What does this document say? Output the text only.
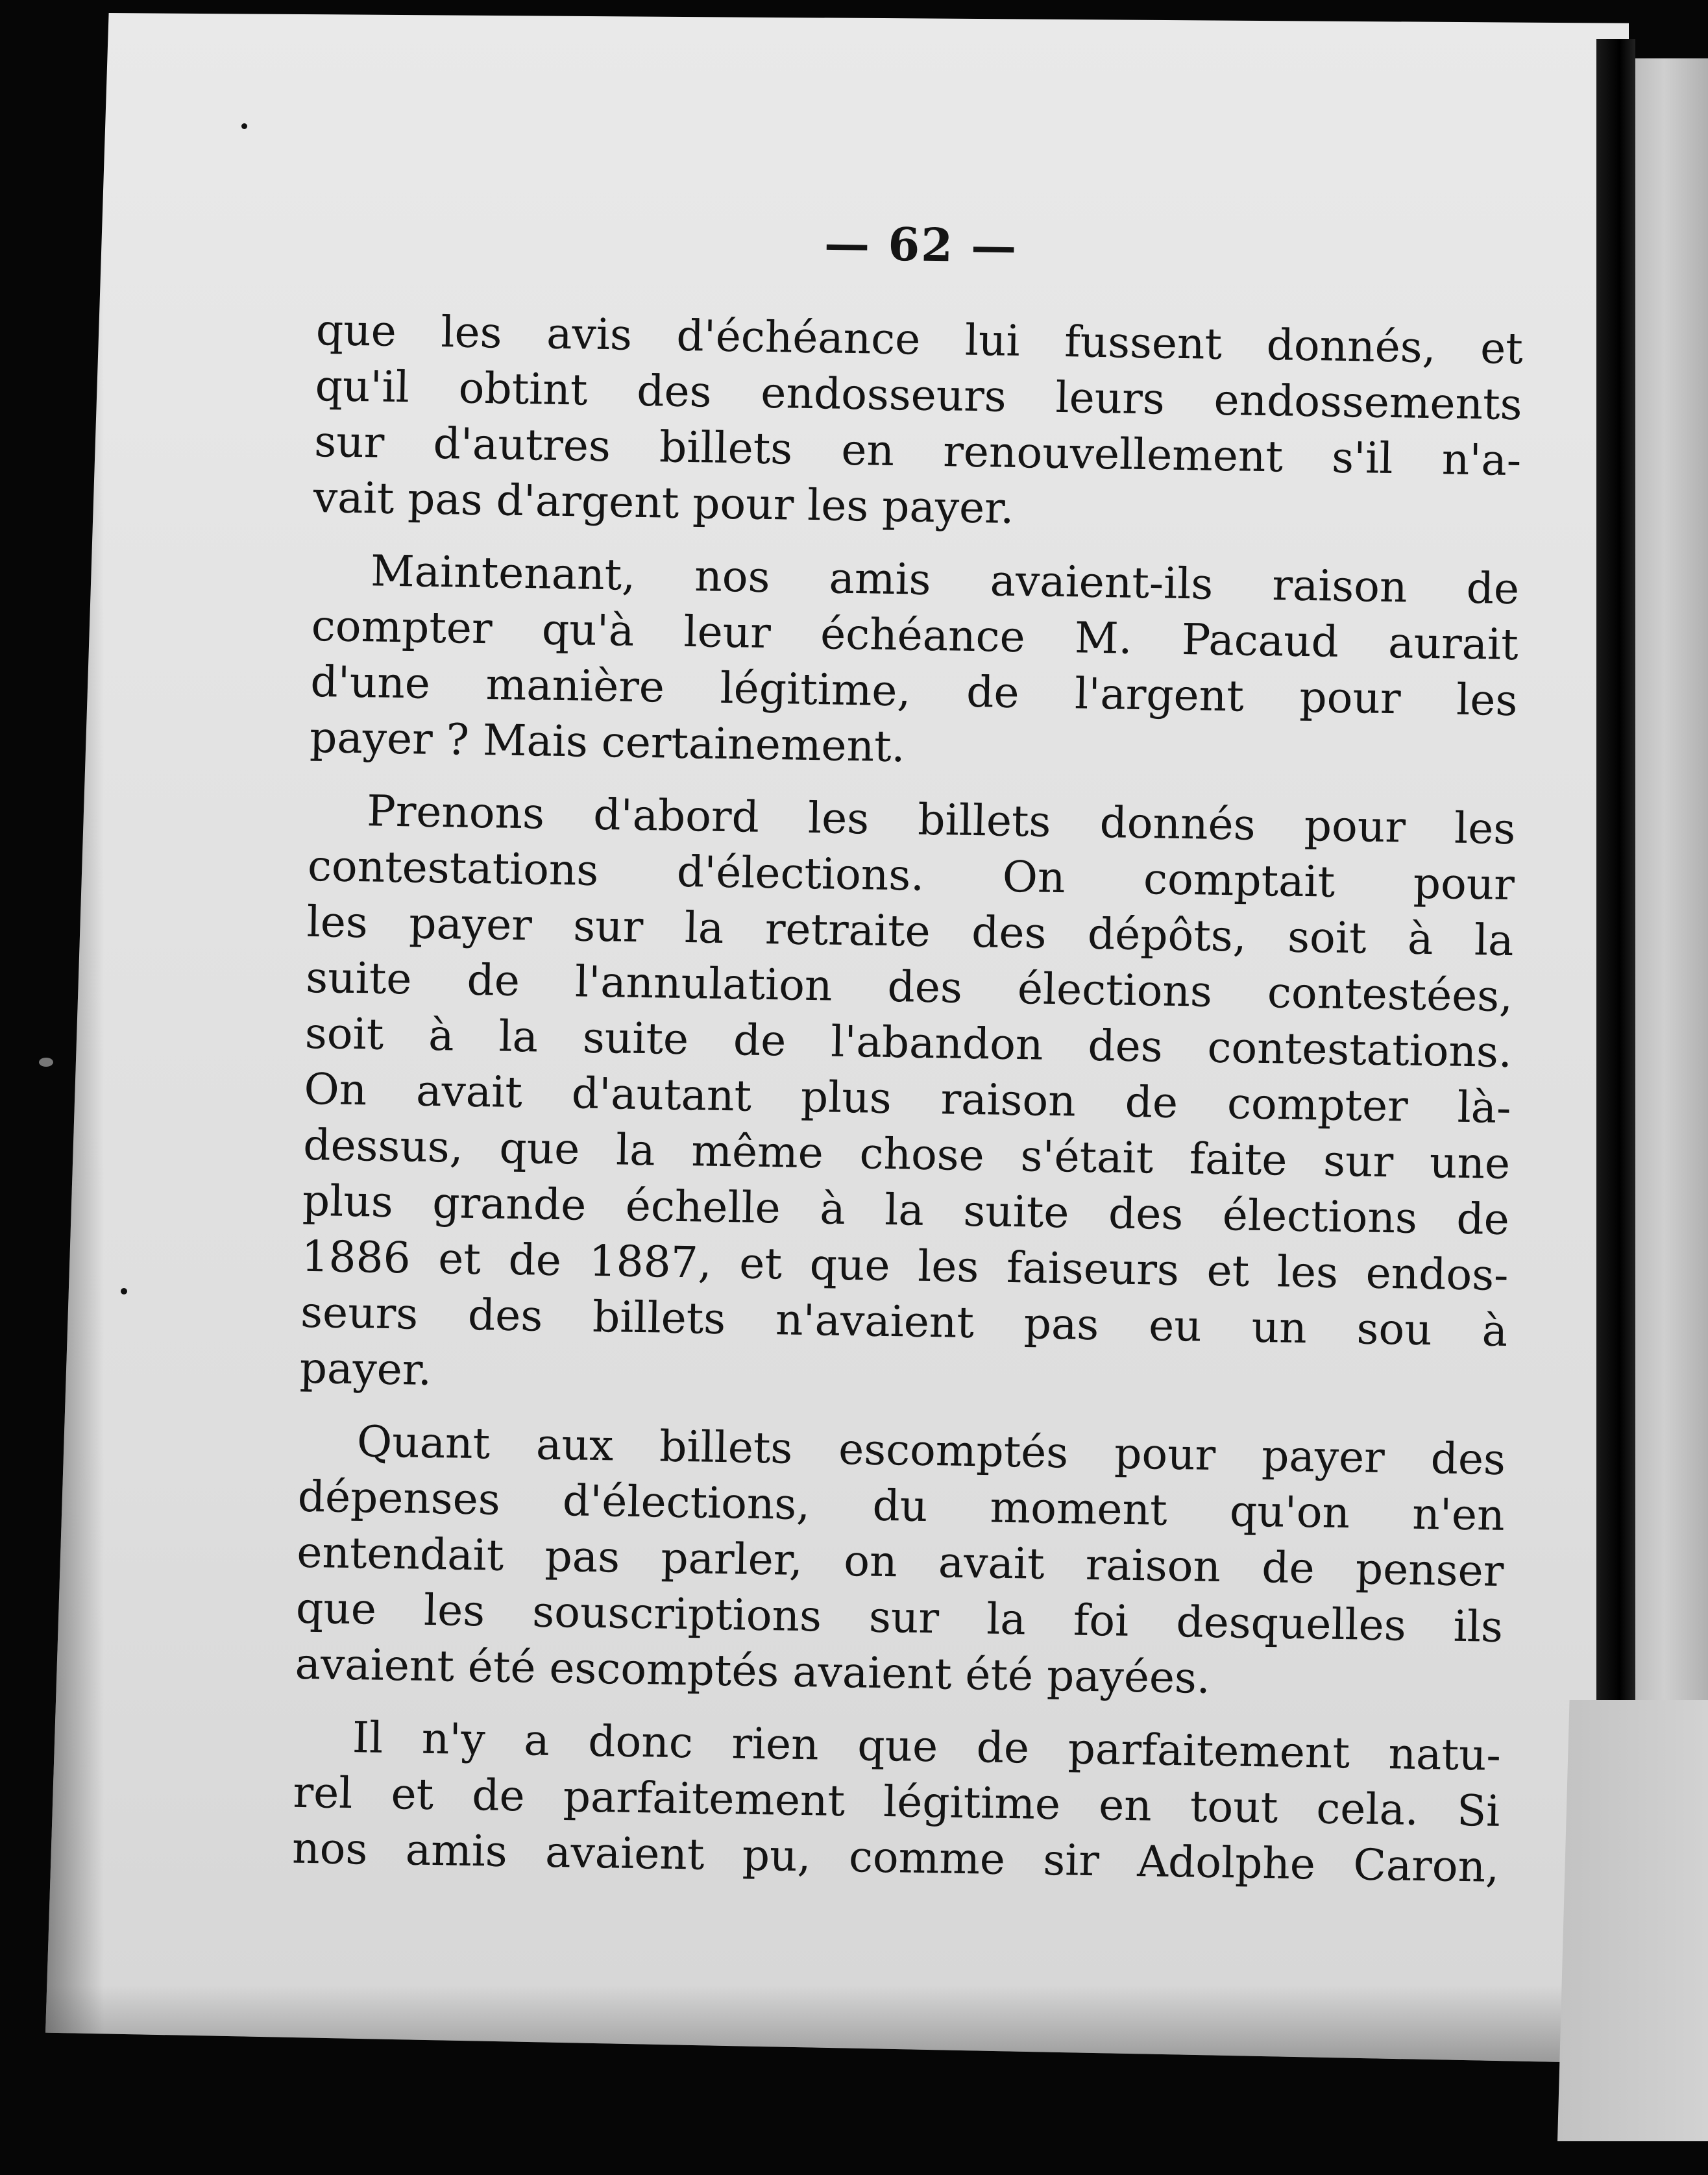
— 62 —
que les avis d'échéance lui fussent donnés, et
qu'il obtint des endosseurs leurs endossements
sur d'autres billets en renouvellement s'il n'a-
vait pas d'argent pour les payer.
Maintenant, nos amis avaient-ils raison de
compter qu'à leur échéance M. Pacaud aurait
d'une manière légitime, de l'argent pour les
payer ? Mais certainement.
Prenons d'abord les billets donnés pour les
contestations d'élections. On comptait pour
les payer sur la retraite des dépôts, soit à la
suite de l'annulation des élections contestées,
soit à la suite de l'abandon des contestations.
On avait d'autant plus raison de compter là-
dessus, que la même chose s'était faite sur une
plus grande échelle à la suite des élections de
1886 et de 1887, et que les faiseurs et les endos-
seurs des billets n'avaient pas eu un sou à
payer.
Quant aux billets escomptés pour payer des
dépenses d'élections, du moment qu'on n'en
entendait pas parler, on avait raison de penser
que les souscriptions sur la foi desquelles ils
avaient été escomptés avaient été payées.
Il n'y a donc rien que de parfaitement natu-
rel et de parfaitement légitime en tout cela. Si
nos amis avaient pu, comme sir Adolphe Caron,
